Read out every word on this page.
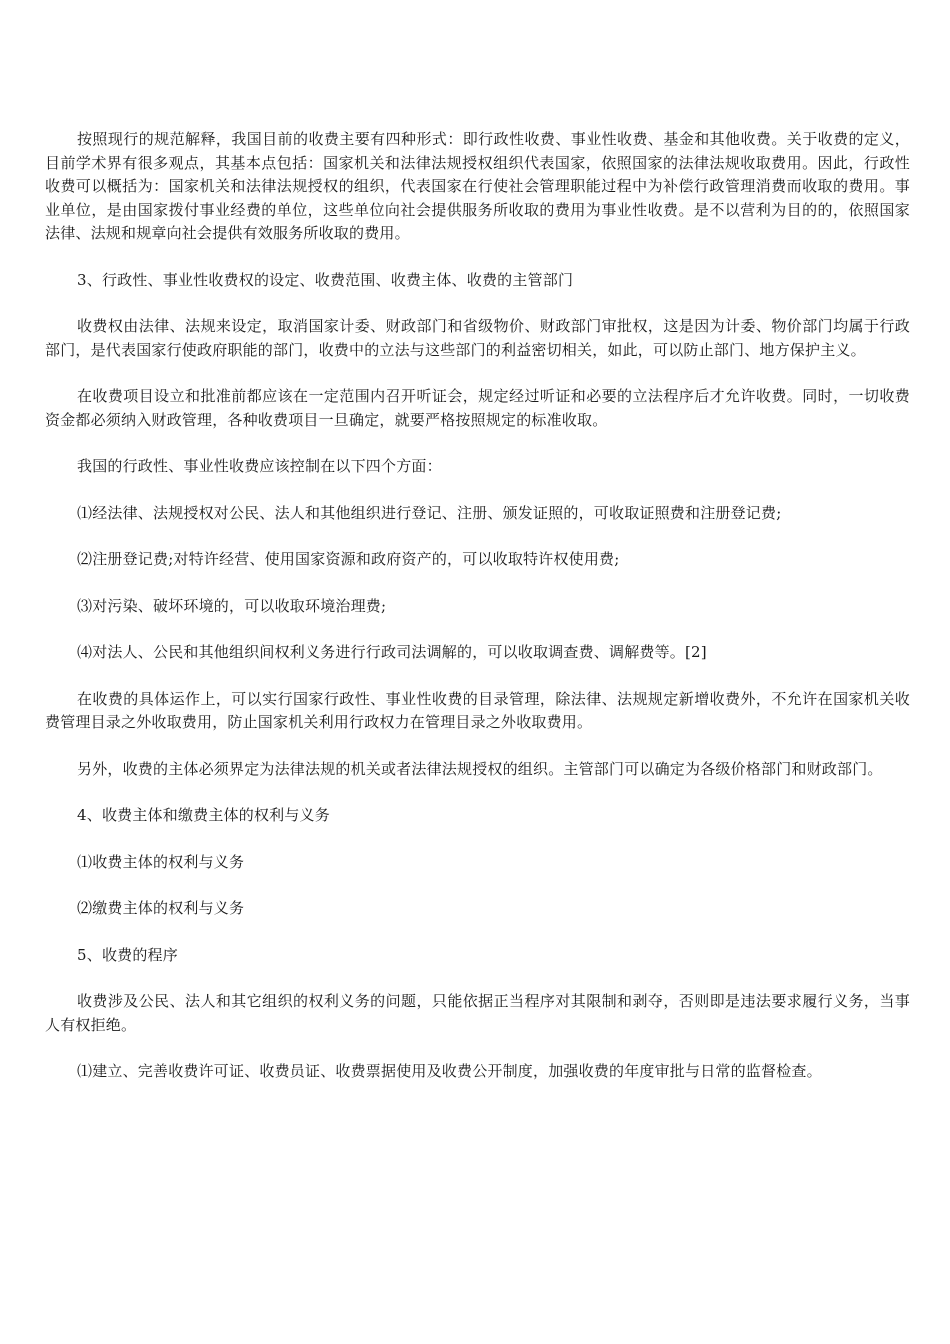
按照现行的规范解释，我国目前的收费主要有四种形式：即行政性收费、事业性收费、基金和其他收费。关于收费的定义，目前学术界有很多观点，其基本点包括：国家机关和法律法规授权组织代表国家，依照国家的法律法规收取费用。因此，行政性收费可以概括为：国家机关和法律法规授权的组织，代表国家在行使社会管理职能过程中为补偿行政管理消费而收取的费用。事业单位，是由国家拨付事业经费的单位，这些单位向社会提供服务所收取的费用为事业性收费。是不以营利为目的的，依照国家法律、法规和规章向社会提供有效服务所收取的费用。

3、行政性、事业性收费权的设定、收费范围、收费主体、收费的主管部门

收费权由法律、法规来设定，取消国家计委、财政部门和省级物价、财政部门审批权，这是因为计委、物价部门均属于行政部门，是代表国家行使政府职能的部门，收费中的立法与这些部门的利益密切相关，如此，可以防止部门、地方保护主义。

在收费项目设立和批准前都应该在一定范围内召开听证会，规定经过听证和必要的立法程序后才允许收费。同时，一切收费资金都必须纳入财政管理，各种收费项目一旦确定，就要严格按照规定的标准收取。

我国的行政性、事业性收费应该控制在以下四个方面：

⑴经法律、法规授权对公民、法人和其他组织进行登记、注册、颁发证照的，可收取证照费和注册登记费;

⑵注册登记费;对特许经营、使用国家资源和政府资产的，可以收取特许权使用费;

⑶对污染、破坏环境的，可以收取环境治理费;

⑷对法人、公民和其他组织间权利义务进行行政司法调解的，可以收取调查费、调解费等。[2]

在收费的具体运作上，可以实行国家行政性、事业性收费的目录管理，除法律、法规规定新增收费外，不允许在国家机关收费管理目录之外收取费用，防止国家机关利用行政权力在管理目录之外收取费用。

另外，收费的主体必须界定为法律法规的机关或者法律法规授权的组织。主管部门可以确定为各级价格部门和财政部门。

4、收费主体和缴费主体的权利与义务

⑴收费主体的权利与义务

⑵缴费主体的权利与义务

5、收费的程序

收费涉及公民、法人和其它组织的权利义务的问题，只能依据正当程序对其限制和剥夺，否则即是违法要求履行义务，当事人有权拒绝。

⑴建立、完善收费许可证、收费员证、收费票据使用及收费公开制度，加强收费的年度审批与日常的监督检查。
